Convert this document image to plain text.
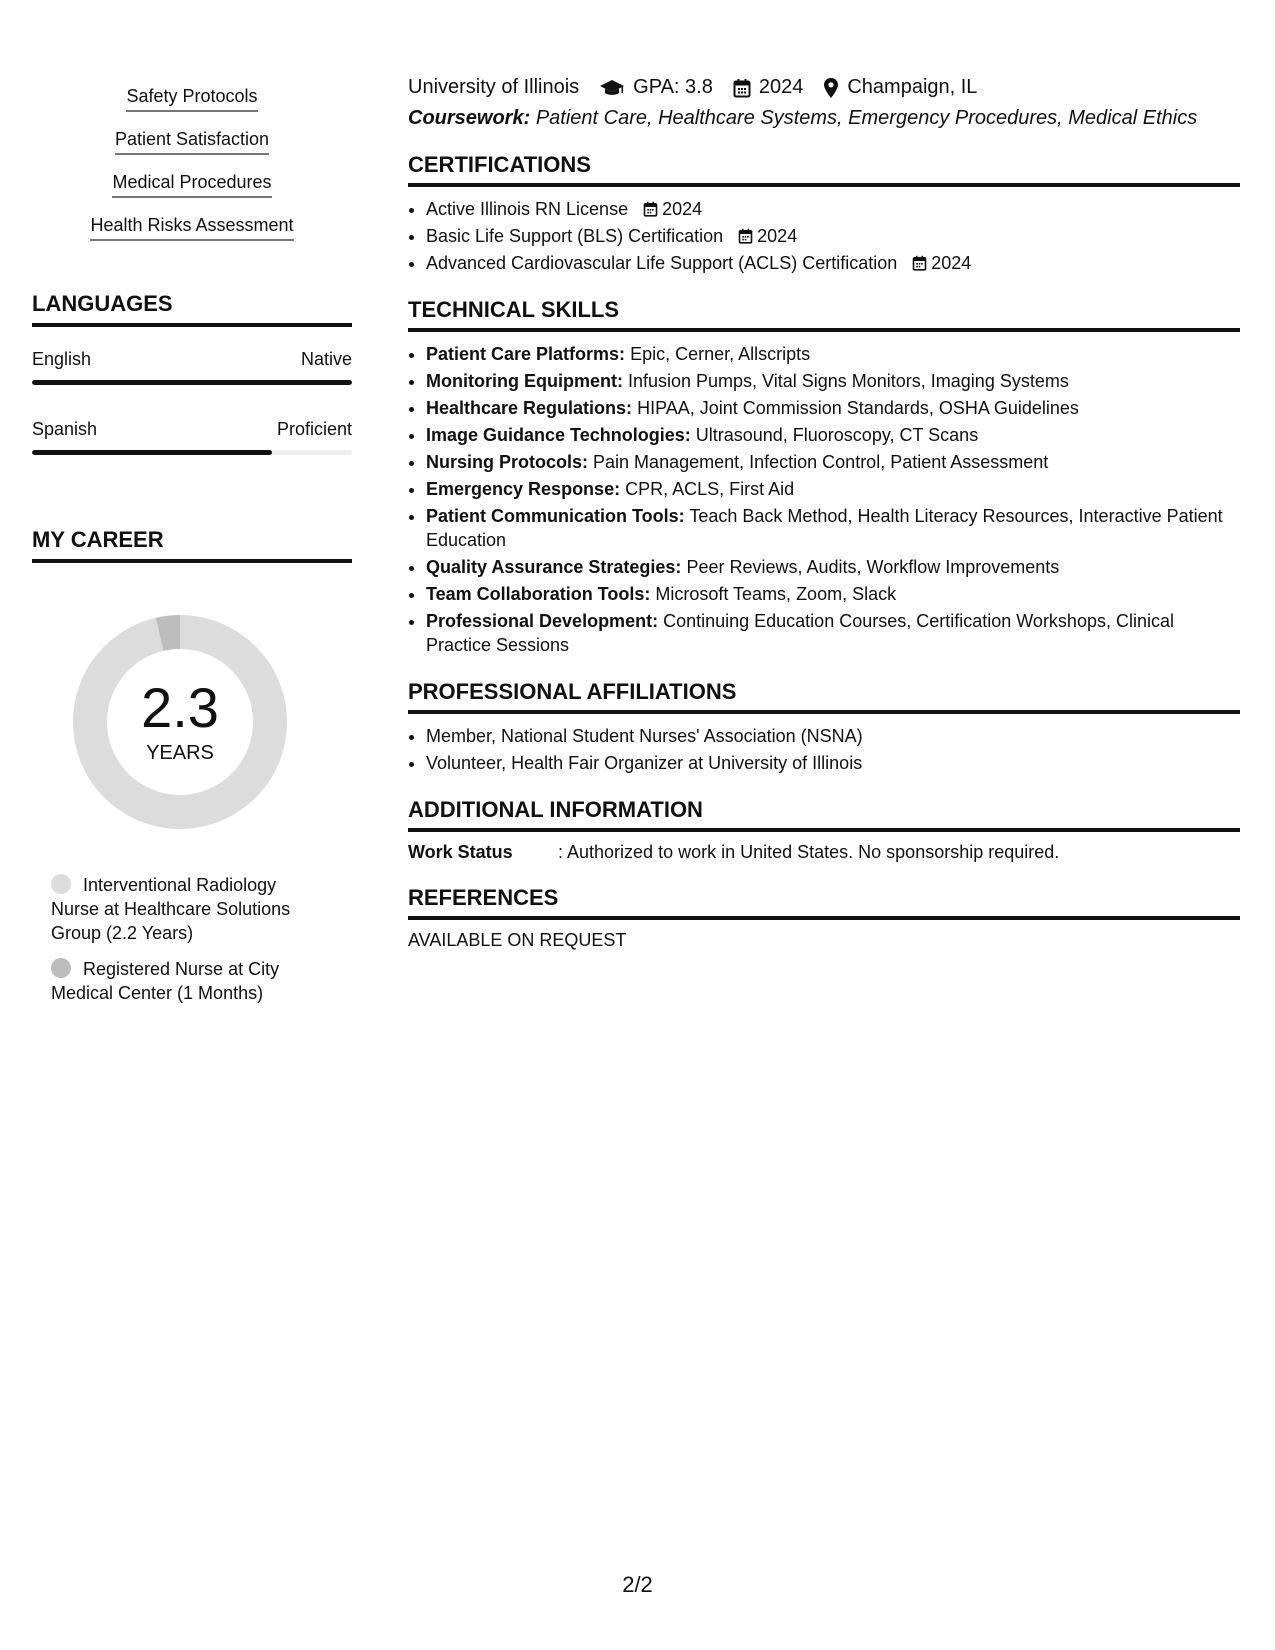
Safety Protocols
Patient Satisfaction
Medical Procedures
Health Risks Assessment
LANGUAGES
English	Native
Spanish	Proficient
MY CAREER
2.3
YEARS
Interventional Radiology Nurse at Healthcare Solutions Group (2.2 Years)
Registered Nurse at City Medical Center (1 Months)
University of Illinois	GPA: 3.8 2024 Champaign, IL
Coursework: Patient Care, Healthcare Systems, Emergency Procedures, Medical Ethics
CERTIFICATIONS
• Active Illinois RN License 2024
• Basic Life Support (BLS) Certification 2024
• Advanced Cardiovascular Life Support (ACLS) Certification 2024
TECHNICAL SKILLS
• Patient Care Platforms: Epic, Cerner, Allscripts
• Monitoring Equipment: Infusion Pumps, Vital Signs Monitors, Imaging Systems
• Healthcare Regulations: HIPAA, Joint Commission Standards, OSHA Guidelines
• Image Guidance Technologies: Ultrasound, Fluoroscopy, CT Scans
• Nursing Protocols: Pain Management, Infection Control, Patient Assessment
• Emergency Response: CPR, ACLS, First Aid
• Patient Communication Tools: Teach Back Method, Health Literacy Resources, Interactive Patient Education
• Quality Assurance Strategies: Peer Reviews, Audits, Workflow Improvements
• Team Collaboration Tools: Microsoft Teams, Zoom, Slack
• Professional Development: Continuing Education Courses, Certification Workshops, Clinical Practice Sessions
PROFESSIONAL AFFILIATIONS
• Member, National Student Nurses' Association (NSNA)
• Volunteer, Health Fair Organizer at University of Illinois
ADDITIONAL INFORMATION
Work Status	: Authorized to work in United States. No sponsorship required.
REFERENCES
AVAILABLE ON REQUEST
2/2
